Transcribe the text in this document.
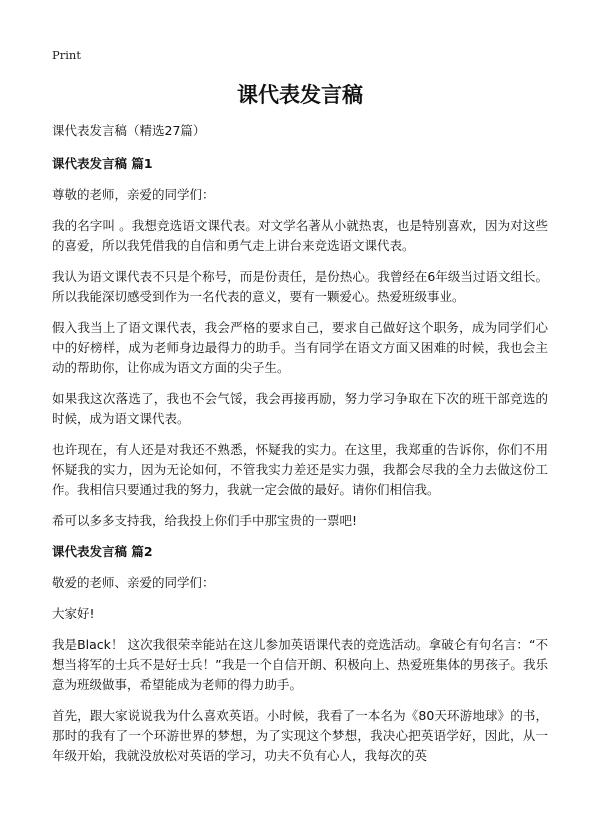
Print
课代表发言稿
课代表发言稿（精选27篇）
课代表发言稿 篇1

尊敬的老师，亲爱的同学们：

我的名字叫 。我想竞选语文课代表。对文学名著从小就热衷，也是特别喜欢，因为对这些的喜爱，所以我凭借我的自信和勇气走上讲台来竞选语文课代表。

我认为语文课代表不只是个称号，而是份责任，是份热心。我曾经在6年级当过语文组长。所以我能深切感受到作为一名代表的意义，要有一颗爱心。热爱班级事业。

假入我当上了语文课代表，我会严格的要求自己，要求自己做好这个职务，成为同学们心中的好榜样，成为老师身边最得力的助手。当有同学在语文方面又困难的时候，我也会主动的帮助你，让你成为语文方面的尖子生。

如果我这次落选了，我也不会气馁，我会再接再励，努力学习争取在下次的班干部竞选的时候，成为语文课代表。

也许现在，有人还是对我还不熟悉，怀疑我的实力。在这里，我郑重的告诉你，你们不用怀疑我的实力，因为无论如何，不管我实力差还是实力强，我都会尽我的全力去做这份工作。我相信只要通过我的努力，我就一定会做的最好。请你们相信我。

希可以多多支持我，给我投上你们手中那宝贵的一票吧!

课代表发言稿 篇2

敬爱的老师、亲爱的同学们：

大家好!

我是Black！ 这次我很荣幸能站在这儿参加英语课代表的竞选活动。拿破仑有句名言：“不想当将军的士兵不是好士兵！”我是一个自信开朗、积极向上、热爱班集体的男孩子。我乐意为班级做事，希望能成为老师的得力助手。

首先，跟大家说说我为什么喜欢英语。小时候，我看了一本名为《80天环游地球》的书，那时的我有了一个环游世界的梦想，为了实现这个梦想，我决心把英语学好，因此，从一年级开始，我就没放松对英语的学习，功夫不负有心人，我每次的英
